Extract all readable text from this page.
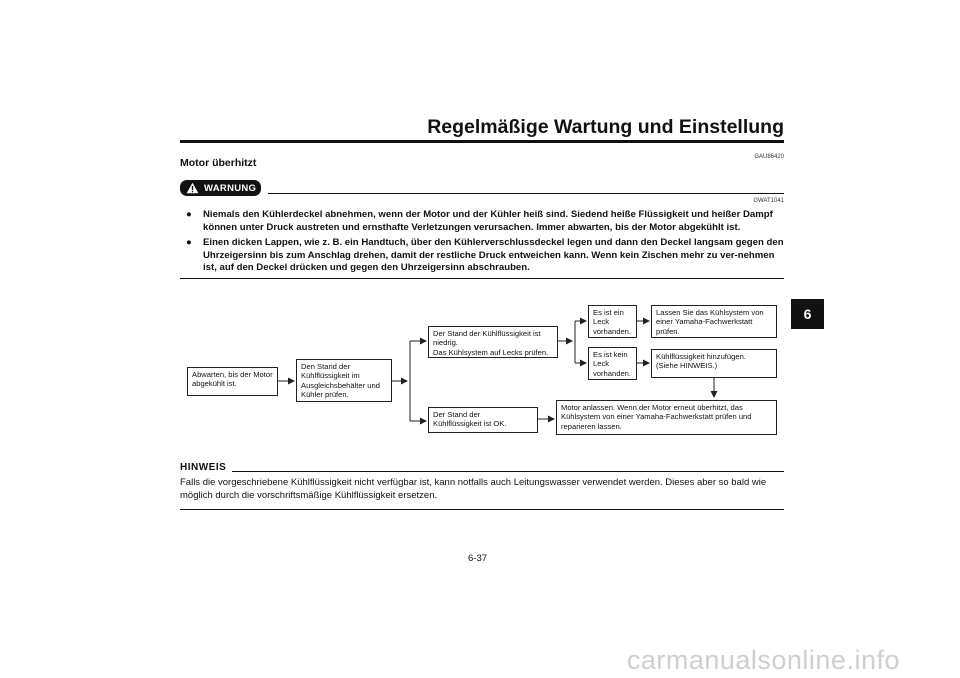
Regelmäßige Wartung und Einstellung
6
Motor überhitzt	GAU86420
WARNUNG
GWAT1041
● Niemals den Kühlerdeckel abnehmen, wenn der Motor und der Kühler heiß sind. Siedend heiße Flüssigkeit und heißer Dampf können unter Druck austreten und ernsthafte Verletzungen verursachen. Immer abwarten, bis der Motor abgekühlt ist.
● Einen dicken Lappen, wie z. B. ein Handtuch, über den Kühlerverschlussdeckel legen und dann den Deckel langsam gegen den Uhrzeigersinn bis zum Anschlag drehen, damit der restliche Druck entweichen kann. Wenn kein Zischen mehr zu ver-nehmen ist, auf den Deckel drücken und gegen den Uhrzeigersinn abschrauben.
Abwarten, bis der Motor
abgekühlt ist.
Den Stand der
Kühlflüssigkeit im
Ausgleichsbehälter und
Kühler prüfen.
Der Stand der Kühlflüssigkeit ist
niedrig.
Das Kühlsystem auf Lecks prüfen.
Der Stand der
Kühlflüssigkeit ist OK.
Es ist ein
Leck
vorhanden.
Es ist kein
Leck
vorhanden.
Lassen Sie das Kühlsystem von
einer Yamaha-Fachwerkstatt
prüfen.
Kühlflüssigkeit hinzufügen.
(Siehe HINWEIS.)
Motor anlassen. Wenn der Motor erneut überhitzt, das
Kühlsystem von einer Yamaha-Fachwerkstatt prüfen und
reparieren lassen.
HINWEIS
Falls die vorgeschriebene Kühlflüssigkeit nicht verfügbar ist, kann notfalls auch Leitungswasser verwendet werden. Dieses aber so bald wie möglich durch die vorschriftsmäßige Kühlflüssigkeit ersetzen.
6-37
carmanualsonline.info
